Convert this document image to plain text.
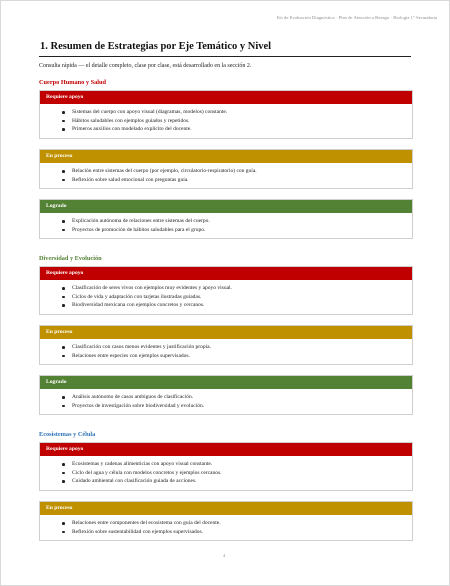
Kit de Evaluación Diagnóstica · Plan de Atención a Rezago · Biología 1° Secundaria
1. Resumen de Estrategias por Eje Temático y Nivel
Consulta rápida — el detalle completo, clase por clase, está desarrollado en la sección 2.
Cuerpo Humano y Salud
Requiere apoyo
Sistemas del cuerpo con apoyo visual (diagramas, modelos) constante.
Hábitos saludables con ejemplos guiados y repetidos.
Primeros auxilios con modelado explícito del docente.
En proceso
Relación entre sistemas del cuerpo (por ejemplo, circulatorio-respiratorio) con guía.
Reflexión sobre salud emocional con preguntas guía.
Logrado
Explicación autónoma de relaciones entre sistemas del cuerpo.
Proyectos de promoción de hábitos saludables para el grupo.
Diversidad y Evolución
Requiere apoyo
Clasificación de seres vivos con ejemplos muy evidentes y apoyo visual.
Ciclos de vida y adaptación con tarjetas ilustradas guiadas.
Biodiversidad mexicana con ejemplos concretos y cercanos.
En proceso
Clasificación con casos menos evidentes y justificación propia.
Relaciones entre especies con ejemplos supervisados.
Logrado
Análisis autónomo de casos ambiguos de clasificación.
Proyectos de investigación sobre biodiversidad y evolución.
Ecosistemas y Célula
Requiere apoyo
Ecosistemas y cadenas alimenticias con apoyo visual constante.
Ciclo del agua y célula con modelos concretos y ejemplos cercanos.
Cuidado ambiental con clasificación guiada de acciones.
En proceso
Relaciones entre componentes del ecosistema con guía del docente.
Reflexión sobre sustentabilidad con ejemplos supervisados.
4
